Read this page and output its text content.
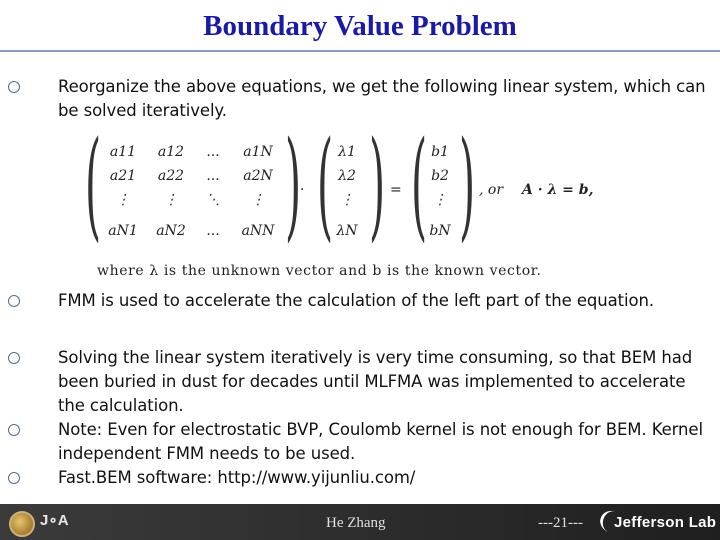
Boundary Value Problem
Reorganize the above equations, we get the following linear system, which can be solved iteratively.
( )
a11	a12	...	a1N
a21	a22	...	a2N
⋮	⋮	⋱	⋮
aN1	aN2	...	aNN
· ( )
λ1
λ2
⋮
λN
= ( )
b1
b2
⋮
bN
, or A · λ = b,
where λ is the unknown vector and b is the known vector.
FMM is used to accelerate the calculation of the left part of the equation.
Solving the linear system iteratively is very time consuming, so that BEM had been buried in dust for decades until MLFMA was implemented to accelerate the calculation.
Note: Even for electrostatic BVP, Coulomb kernel is not enough for BEM. Kernel independent FMM needs to be used.
Fast.BEM software: http://www.yijunliu.com/
J∘A	He Zhang	---21--- Jefferson Lab
